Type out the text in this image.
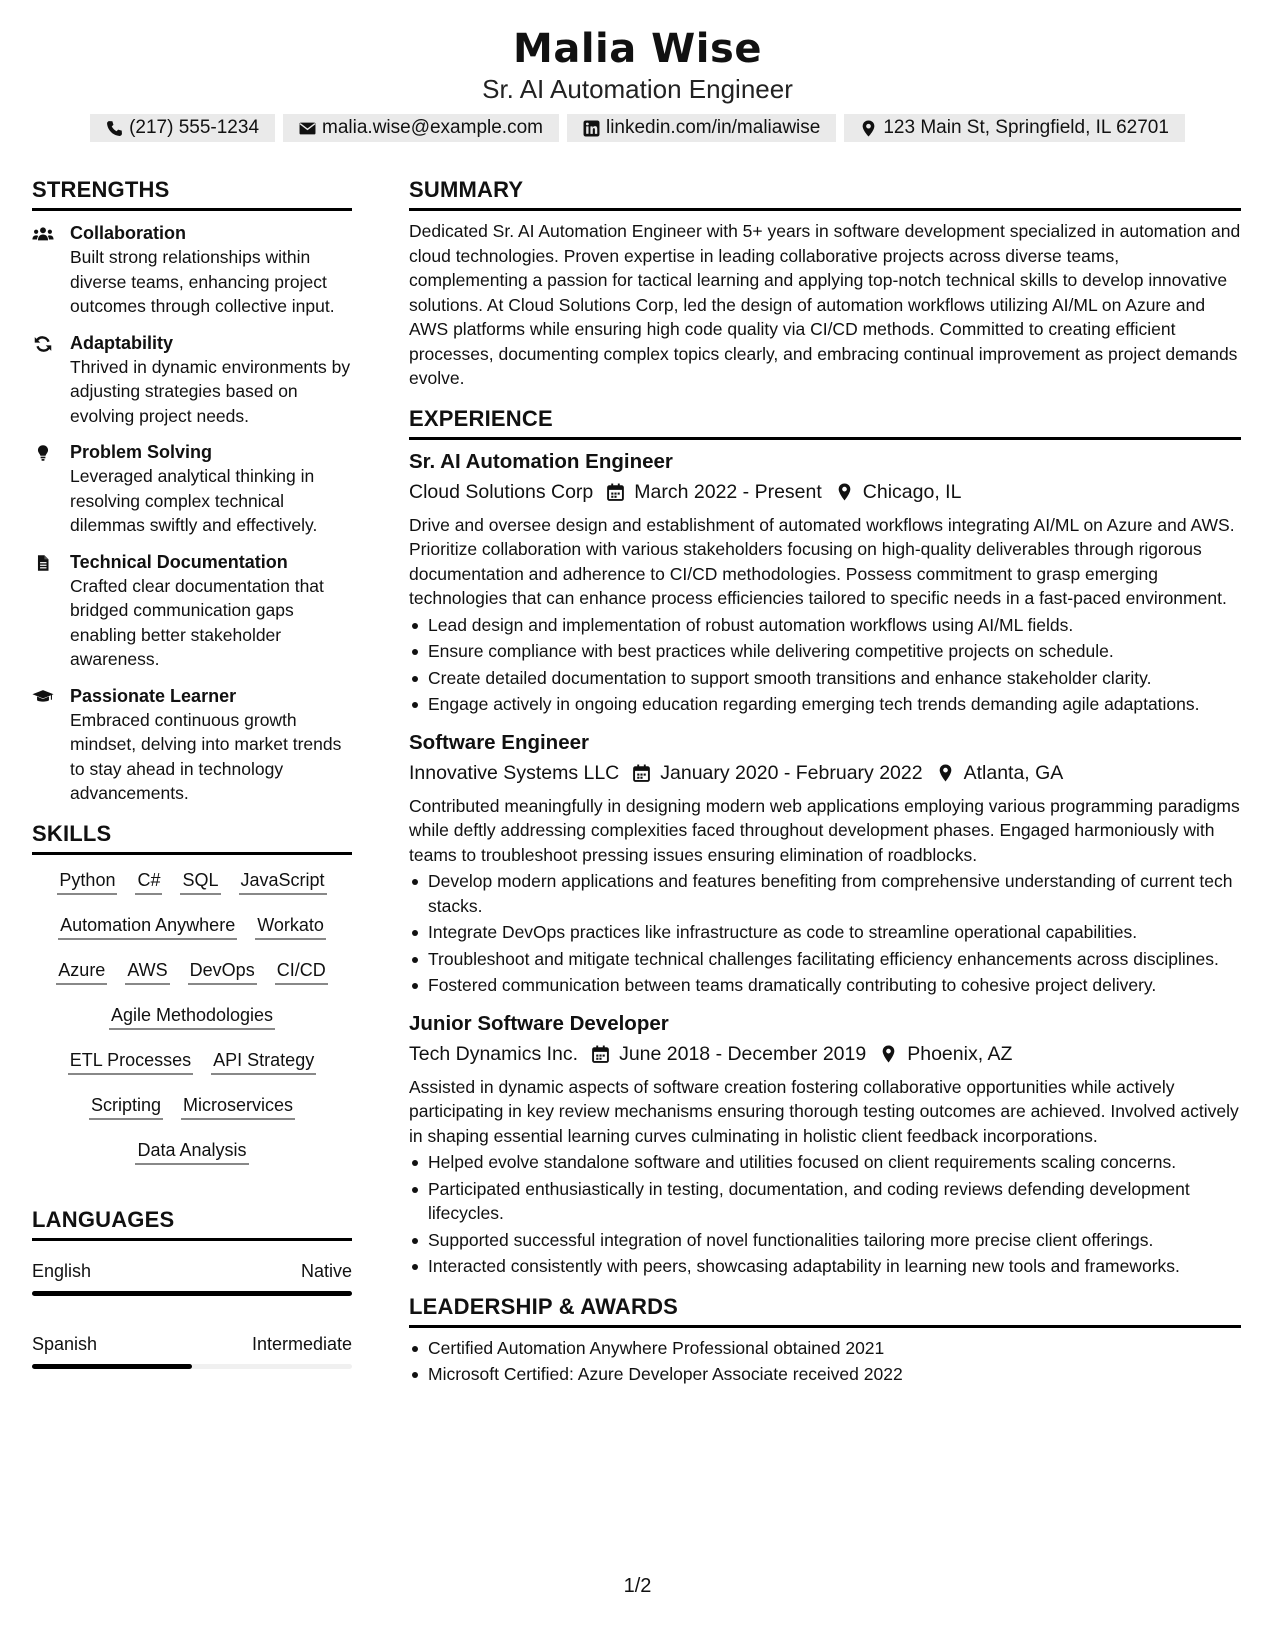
Malia Wise
Sr. AI Automation Engineer
(217) 555-1234	malia.wise@example.com	linkedin.com/in/maliawise	123 Main St, Springfield, IL 62701
STRENGTHS
Collaboration
Built strong relationships within diverse teams, enhancing project outcomes through collective input.
Adaptability
Thrived in dynamic environments by adjusting strategies based on evolving project needs.
Problem Solving
Leveraged analytical thinking in resolving complex technical dilemmas swiftly and effectively.
Technical Documentation
Crafted clear documentation that bridged communication gaps enabling better stakeholder awareness.
Passionate Learner
Embraced continuous growth mindset, delving into market trends to stay ahead in technology advancements.
SKILLS
Python C# SQL JavaScript
Automation Anywhere Workato
Azure AWS DevOps CI/CD
Agile Methodologies
ETL Processes API Strategy
Scripting Microservices
Data Analysis
LANGUAGES
English	Native
Spanish	Intermediate
SUMMARY
Dedicated Sr. AI Automation Engineer with 5+ years in software development specialized in automation and cloud technologies. Proven expertise in leading collaborative projects across diverse teams, complementing a passion for tactical learning and applying top-notch technical skills to develop innovative solutions. At Cloud Solutions Corp, led the design of automation workflows utilizing AI/ML on Azure and AWS platforms while ensuring high code quality via CI/CD methods. Committed to creating efficient processes, documenting complex topics clearly, and embracing continual improvement as project demands evolve.
EXPERIENCE
Sr. AI Automation Engineer
Cloud Solutions Corp March 2022 - Present Chicago, IL
Drive and oversee design and establishment of automated workflows integrating AI/ML on Azure and AWS. Prioritize collaboration with various stakeholders focusing on high-quality deliverables through rigorous documentation and adherence to CI/CD methodologies. Possess commitment to grasp emerging technologies that can enhance process efficiencies tailored to specific needs in a fast-paced environment.
Lead design and implementation of robust automation workflows using AI/ML fields.
Ensure compliance with best practices while delivering competitive projects on schedule.
Create detailed documentation to support smooth transitions and enhance stakeholder clarity.
Engage actively in ongoing education regarding emerging tech trends demanding agile adaptations.
Software Engineer
Innovative Systems LLC January 2020 - February 2022 Atlanta, GA
Contributed meaningfully in designing modern web applications employing various programming paradigms while deftly addressing complexities faced throughout development phases. Engaged harmoniously with teams to troubleshoot pressing issues ensuring elimination of roadblocks.
Develop modern applications and features benefiting from comprehensive understanding of current tech stacks.
Integrate DevOps practices like infrastructure as code to streamline operational capabilities.
Troubleshoot and mitigate technical challenges facilitating efficiency enhancements across disciplines.
Fostered communication between teams dramatically contributing to cohesive project delivery.
Junior Software Developer
Tech Dynamics Inc. June 2018 - December 2019 Phoenix, AZ
Assisted in dynamic aspects of software creation fostering collaborative opportunities while actively participating in key review mechanisms ensuring thorough testing outcomes are achieved. Involved actively in shaping essential learning curves culminating in holistic client feedback incorporations.
Helped evolve standalone software and utilities focused on client requirements scaling concerns.
Participated enthusiastically in testing, documentation, and coding reviews defending development lifecycles.
Supported successful integration of novel functionalities tailoring more precise client offerings.
Interacted consistently with peers, showcasing adaptability in learning new tools and frameworks.
LEADERSHIP & AWARDS
Certified Automation Anywhere Professional obtained 2021
Microsoft Certified: Azure Developer Associate received 2022
1/2
